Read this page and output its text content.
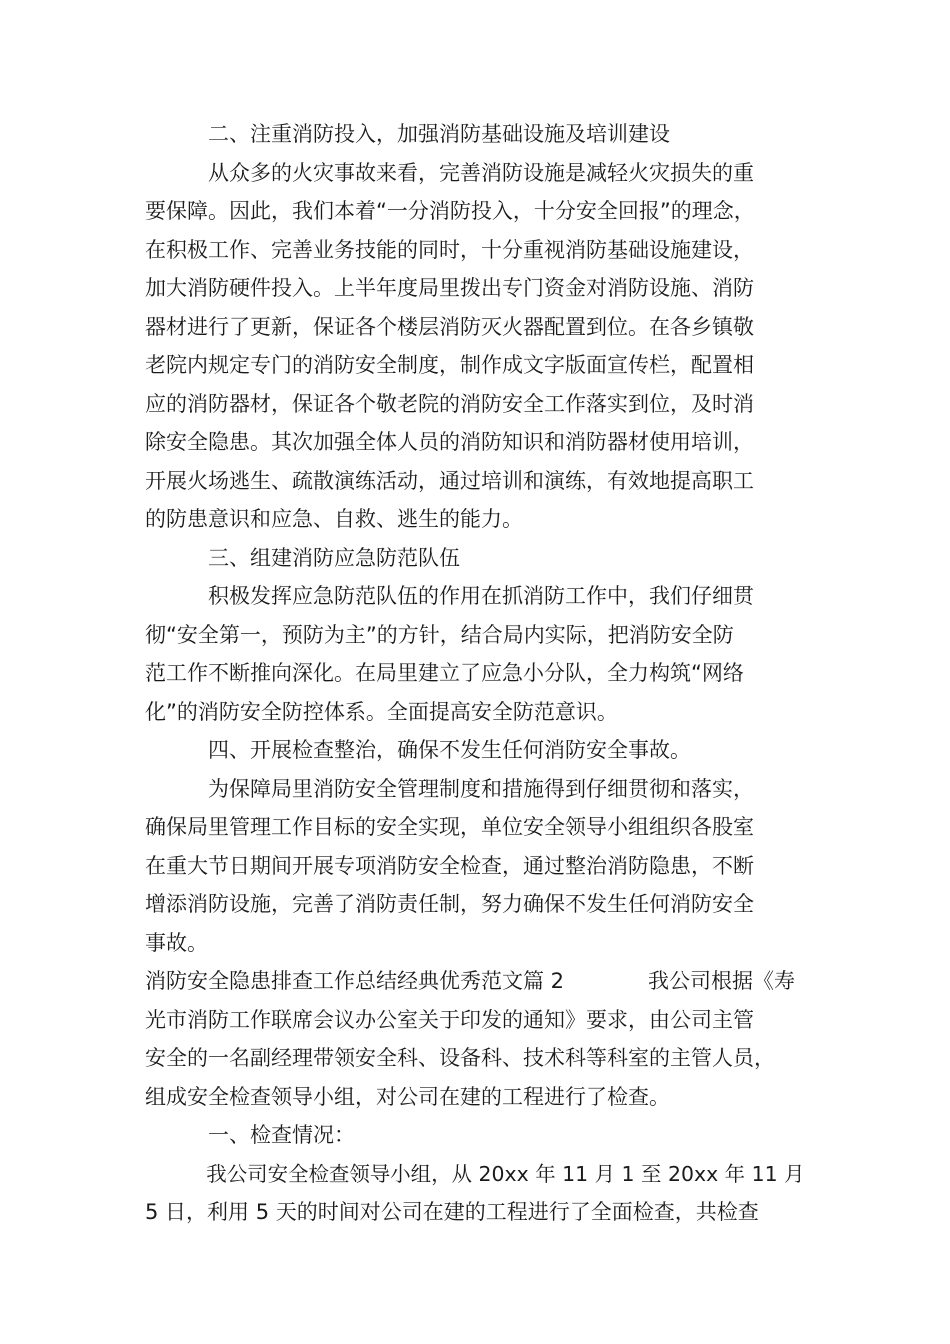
　　　二、注重消防投入，加强消防基础设施及培训建设

　　　从众多的火灾事故来看，完善消防设施是减轻火灾损失的重

要保障。因此，我们本着“一分消防投入，十分安全回报”的理念，

在积极工作、完善业务技能的同时，十分重视消防基础设施建设，

加大消防硬件投入。上半年度局里拨出专门资金对消防设施、消防

器材进行了更新，保证各个楼层消防灭火器配置到位。在各乡镇敬

老院内规定专门的消防安全制度，制作成文字版面宣传栏，配置相

应的消防器材，保证各个敬老院的消防安全工作落实到位，及时消

除安全隐患。其次加强全体人员的消防知识和消防器材使用培训，

开展火场逃生、疏散演练活动，通过培训和演练，有效地提高职工

的防患意识和应急、自救、逃生的能力。

　　　三、组建消防应急防范队伍

　　　积极发挥应急防范队伍的作用在抓消防工作中，我们仔细贯

彻“安全第一，预防为主”的方针，结合局内实际，把消防安全防

范工作不断推向深化。在局里建立了应急小分队，全力构筑“网络

化”的消防安全防控体系。全面提高安全防范意识。

　　　四、开展检查整治，确保不发生任何消防安全事故。

　　　为保障局里消防安全管理制度和措施得到仔细贯彻和落实，

确保局里管理工作目标的安全实现，单位安全领导小组组织各股室

在重大节日期间开展专项消防安全检查，通过整治消防隐患，不断

增添消防设施，完善了消防责任制，努力确保不发生任何消防安全

事故。

消防安全隐患排查工作总结经典优秀范文篇 2　　　　我公司根据《寿

光市消防工作联席会议办公室关于印发的通知》要求，由公司主管

安全的一名副经理带领安全科、设备科、技术科等科室的主管人员，

组成安全检查领导小组，对公司在建的工程进行了检查。

　　　一、检查情况：

　　　我公司安全检查领导小组，从 20xx 年 11 月 1 至 20xx 年 11 月

5 日，利用 5 天的时间对公司在建的工程进行了全面检查，共检查
